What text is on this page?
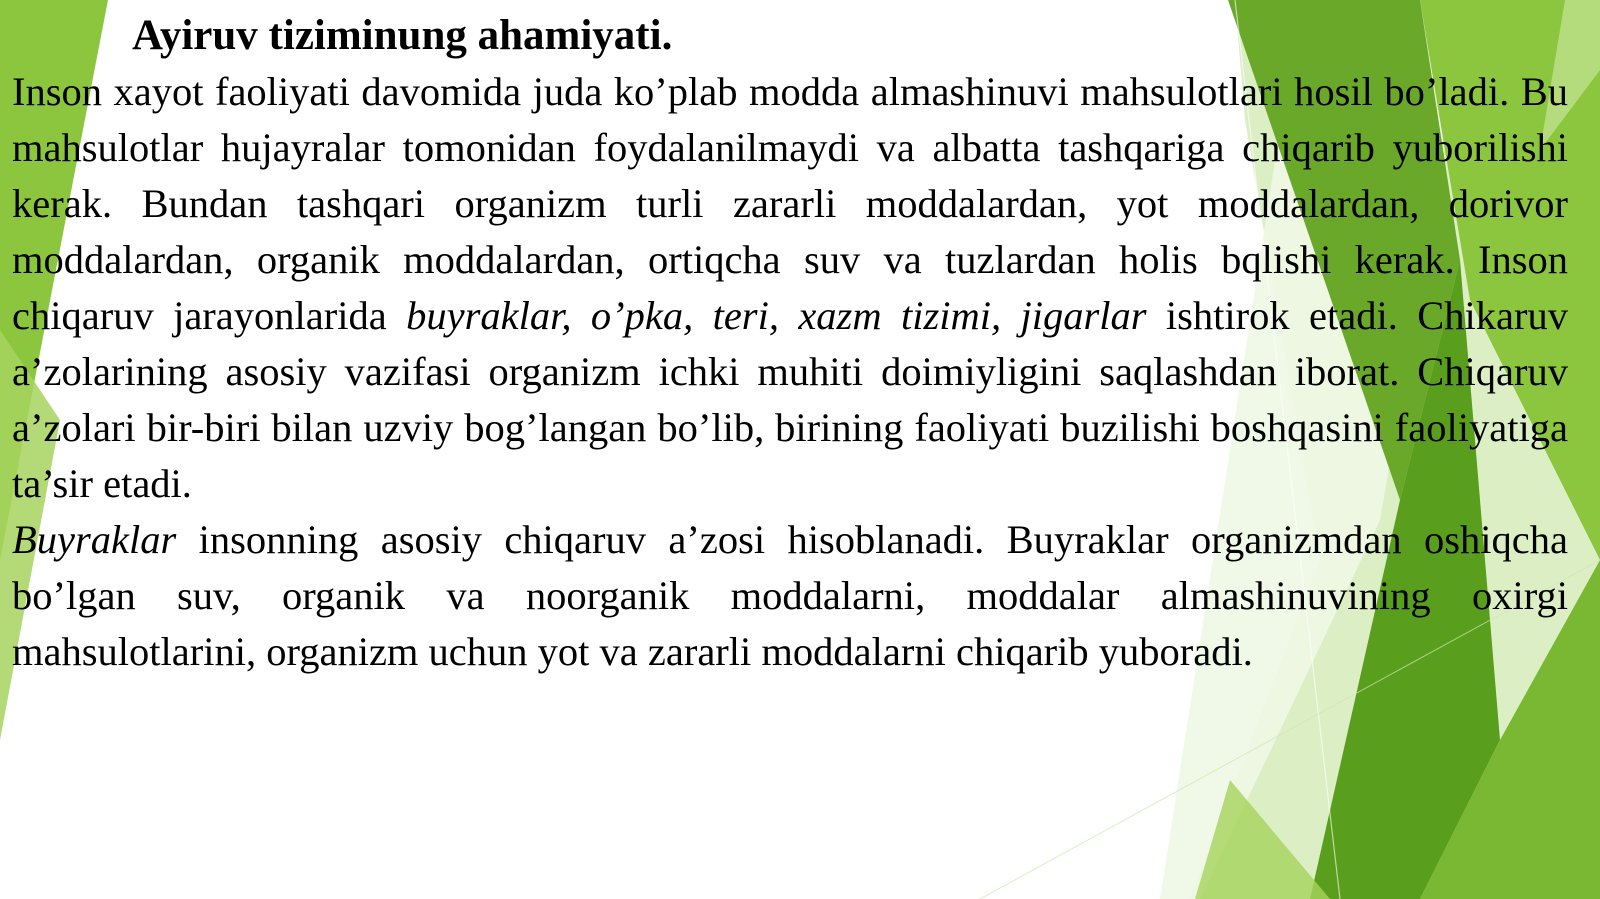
Ayiruv tiziminung ahamiyati.

Inson xayot faoliyati davomida juda ko’plab modda almashinuvi mahsulotlari hosil bo’ladi. Bu mahsulotlar hujayralar tomonidan foydalanilmaydi va albatta tashqariga chiqarib yuborilishi kerak. Bundan tashqari organizm turli zararli moddalardan, yot moddalardan, dorivor moddalardan, organik moddalardan, ortiqcha suv va tuzlardan holis bqlishi kerak. Inson chiqaruv jarayonlarida buyraklar, o’pka, teri, xazm tizimi, jigarlar ishtirok etadi. Chikaruv a’zolarining asosiy vazifasi organizm ichki muhiti doimiyligini saqlashdan iborat. Chiqaruv a’zolari bir-biri bilan uzviy bog’langan bo’lib, birining faoliyati buzilishi boshqasini faoliyatiga ta’sir etadi.

Buyraklar insonning asosiy chiqaruv a’zosi hisoblanadi. Buyraklar organizmdan oshiqcha bo’lgan suv, organik va noorganik moddalarni, moddalar almashinuvining oxirgi mahsulotlarini, organizm uchun yot va zararli moddalarni chiqarib yuboradi.
